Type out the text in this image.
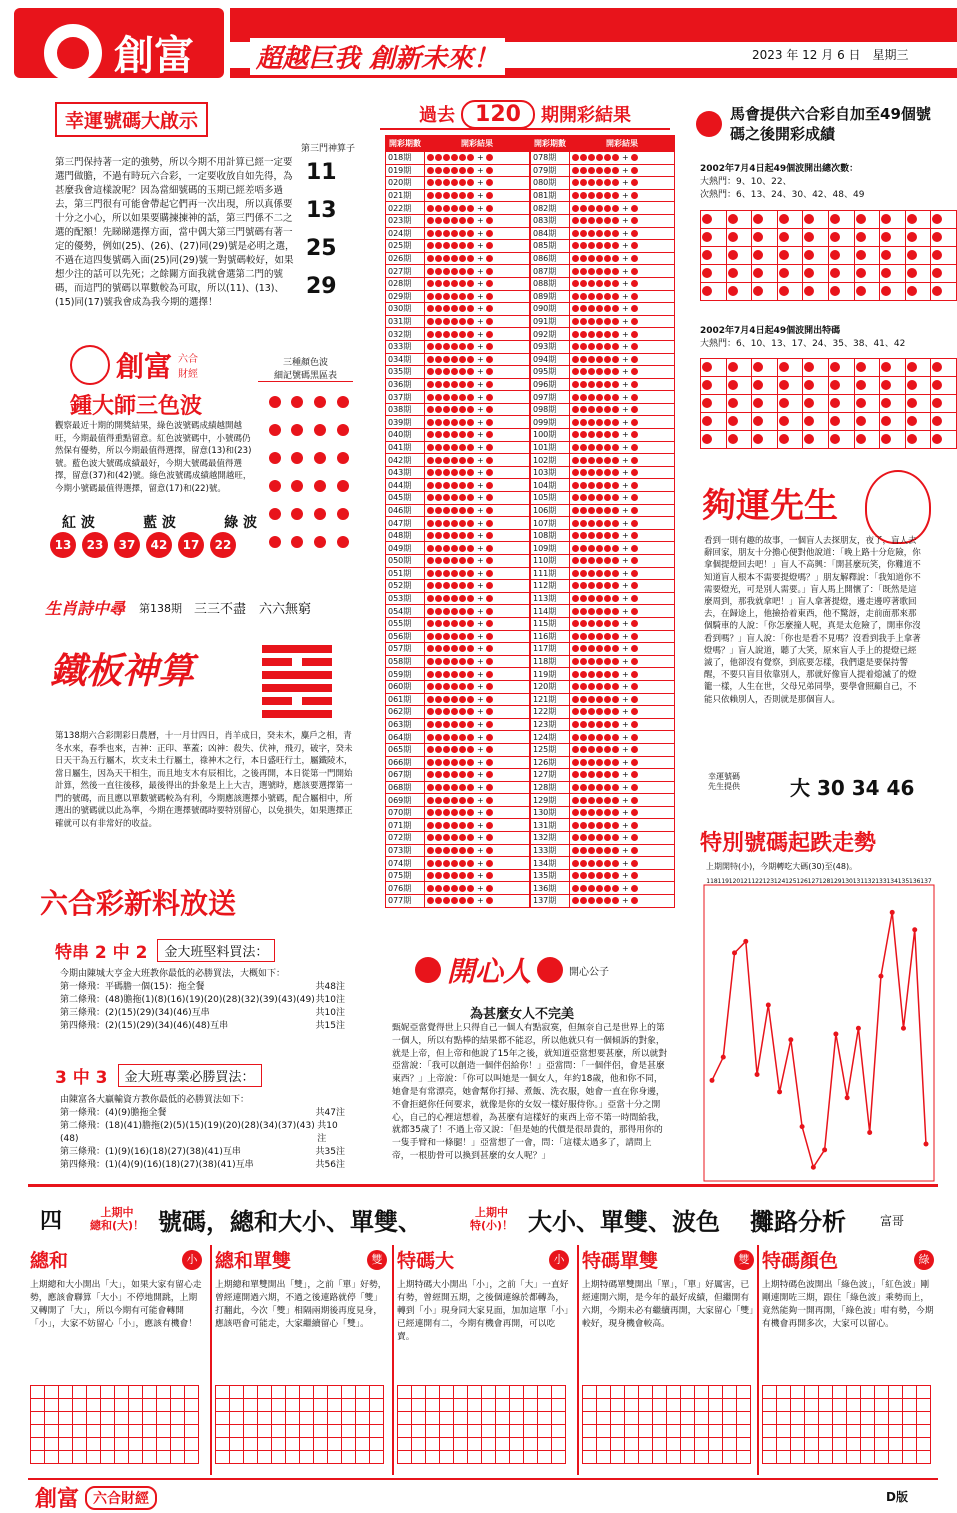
創富 超越巨我 創新未來！	2023 年 12 月 6 日　星期三
幸運號碼大啟示
第三門神算子
第三門保持著一定的強勢，所以今期不用計算已經一定要選門做膽，不過有時玩六合彩，一定要收放自如先得，為甚麼我會這樣說呢？因為當細號碼的玉期已經差唔多過去，第三門很有可能會帶起它們再一次出現，所以真係要十分之小心，所以如果要購揀揀神的話，第三門係不二之選的配額！先睇睇選擇方面，當中偶大第三門號碼有著一定的優勢，例如(25)、(26)、(27)同(29)號是必明之選，不過在這四隻號碼入面(25)同(29)號一對號碼較好，如果想少注的話可以先死；之餘關方面我就會選第二門的號碼，而這門的號碼以單數較為可取，所以(11)、(13)、(15)同(17)號我會成為我今期的選擇！
11
13
25
29
創富 六合財經
鍾大師三色波
三種顏色波
細記號碼黑區表
觀察最近十期的開獎結果，綠色波號碼成績越開越旺，今期最值得重點留意。紅色波號碼中，小號碼仍然保有優勢，所以今期最值得選擇，留意(13)和(23)號。藍色波大號碼成績最好，今期大號碼最值得選擇，留意(37)和(42)號。綠色波號碼成績越開越旺，今期小號碼最值得選擇，留意(17)和(22)號。
紅 波	藍 波	綠 波
13 23 37 42 17 22
生肖詩中尋 第138期 三三不盡　六六無窮
鐵板神算
第138期六合彩開彩日農曆，十一月廿四日，肖羊成日，癸未木，麋戶之相，青冬水來，春季也來，吉神：正印、華蓋；凶神：殺失、伏神，飛刃，破字，癸未日天干為五行屬木，坎支未土行屬土，祿神木之行，本日盛旺行土，屬鐵陵木，當日屬生，因為天干相生，而且地支木有辰相比，之後再開，本日從第一門開始計算，然後一直往後移，最後得出的卦象是上上大吉，選號時，應該要選擇第一門的號碼，而且應以單數號碼較為有利，今期應該選擇小號碼，配合屬相中，所選出的號碼就以此為準，今期在選擇號碼時要特別留心，以免損失，如果選擇正確就可以有非常好的收益。
六合彩新料放送
特串 2 中 2	金大班堅料買法：
今期由陳城大亨金大班教你最低的必勝買法，大概如下：
第一條飛：平碼膽一個(15)：拖全餐	共48注
第二條飛：(48)膽拖(1)(8)(16)(19)(20)(28)(32)(39)(43)(49) 共10注
第三條飛：(2)(15)(29)(34)(46)互串	共10注
第四條飛：(2)(15)(29)(34)(46)(48)互串	共15注
3 中 3	金大班專業必勝買法：
由陳富各大贏輸資方教你最低的必勝買法如下：
第一條飛：(4)(9)膽拖全餐	共47注
第二條飛：(18)(41)膽拖(2)(5)(15)(19)(20)(28)(34)(37)(43)(48)
共10注
第三條飛：(1)(9)(16)(18)(27)(38)(41)互串	共35注
第四條飛：(1)(4)(9)(16)(18)(27)(38)(41)互串	共56注
過去 120	期開彩結果
開彩期數	開彩結果
018期	+
019期	+
020期	+
021期	+
022期	+
023期	+
024期	+
025期	+
026期	+
027期	+
028期	+
029期	+
030期	+
031期	+
032期	+
033期	+
034期	+
035期	+
036期	+
037期	+
038期	+
039期	+
040期	+
041期	+
042期	+
043期	+
044期	+
045期	+
046期	+
047期	+
048期	+
049期	+
050期	+
051期	+
052期	+
053期	+
054期	+
055期	+
056期	+
057期	+
058期	+
059期	+
060期	+
061期	+
062期	+
063期	+
064期	+
065期	+
066期	+
067期	+
068期	+
069期	+
070期	+
071期	+
072期	+
073期	+
074期	+
075期	+
076期	+
077期	+
開彩期數	開彩結果
078期	+
079期	+
080期	+
081期	+
082期	+
083期	+
084期	+
085期	+
086期	+
087期	+
088期	+
089期	+
090期	+
091期	+
092期	+
093期	+
094期	+
095期	+
096期	+
097期	+
098期	+
099期	+
100期	+
101期	+
102期	+
103期	+
104期	+
105期	+
106期	+
107期	+
108期	+
109期	+
110期	+
111期	+
112期	+
113期	+
114期	+
115期	+
116期	+
117期	+
118期	+
119期	+
120期	+
121期	+
122期	+
123期	+
124期	+
125期	+
126期	+
127期	+
128期	+
129期	+
130期	+
131期	+
132期	+
133期	+
134期	+
135期	+
136期	+
137期	+
馬會提供六合彩自加至49個號碼之後開彩成績
2002年7月4日起49個波開出總次數：
大熱門：9、10、22、
次熱門：6、13、24、30、42、48、49

2002年7月4日起49個波開出特碼
大熱門：6、10、13、17、24、35、38、41、42

夠運先生
看到一則有趣的故事，一個盲人去探朋友，夜了，盲人去辭回家，朋友十分擔心便對他說道：「晚上路十分危險，你拿個提燈回去吧！」盲人不高興：「開甚麼玩笑，你難道不知道盲人根本不需要提燈嗎？」朋友解釋說：「我知道你不需要燈光，可是別人需要。」盲人馬上開懷了：「既然是這麼周到，那我就拿吧！」盲人拿著提燈，邊走邊哼著歌回去，在歸途上，他撿拾着東西，他不驚訝，走前面那來那個騎車的人說：「你怎麼撞人呢，真是太危險了，開車你沒看到嗎？」盲人說：「你也是看不見嗎？沒看到我手上拿著燈嗎？」盲人說道，聽了大笑，原來盲人手上的提燈已經滅了，他卻沒有覺察，到底要怎樣，我們還是要保持警醒，不要只盲目依靠別人，那就好像盲人提着熄滅了的燈籠一樣，人生在世，父母兄弟同學，要學會照顧自己，不能只依賴別人，否則就是那個盲人。
幸運號碼
先生提供	大 30 34 46
特別號碼起跌走勢
上期開特(小)，今期轉吃大碼(30)至(48)。
118 119 120 121 122 123 124 125 126 127 128 129 130 131 132 133 134 135 136 137
開心人	開心公子
為甚麼女人不完美
甄妮亞當覺得世上只得自己一個人有點寂寞，但無奈自己是世界上的第一個人，所以有點棒的結果都不能忍，所以他就只有一個傾訴的對象，就是上帝，但上帝和他說了15年之後，就知道亞當想要甚麼，所以就對亞當說：「我可以創造一個伴侶給你！」亞當問：「一個伴侶，會是甚麼東西？」上帝說：「你可以叫她是一個女人，年約18歲，他和你不同，她會是有常漂亮，她會幫你打掃、煮飯、洗衣服，她會一直在你身邊，不會拒絕你任何要求，就像是你的女奴一樣好服侍你。」亞當十分之開心，自己的心裡這想着，為甚麼有這樣好的東西上帝不第一時間給我，就都35歲了！不過上帝又說：「但是她的代價是很昂貴的，那得用你的一隻手臂和一條腿！」亞當想了一會，問：「這樣太過多了，請問上帝，一根肋骨可以換到甚麼的女人呢？」
四	上期中
總和(大)！ 號碼，總和大小、單雙、	上期中
特(小)！ 大小、單雙、波色 攤路分析	富哥
總和	小
上期總和大小開出「大」，如果大家有留心走勢，應該會聯算「大小」不停地開跳，上期又轉開了「大」，所以今期有可能會轉開「小」，大家不妨留心「小」，應該有機會！

總和單雙	雙
上期總和單雙開出「雙」，之前「單」好勢，曾經連開過六期，不過之後連路就停「雙」打翻此，今次「雙」相隔兩期後再度見身，應該唔會可能走，大家繼續留心「雙」。

特碼大	小
上期特碼大小開出「小」，之前「大」一直好有勢，曾經開五期，之後個連線於都轉為，轉到「小」現身同大家見面，加加這單「小」已經連開有二，今期有機會再開，可以吃賣。

特碼單雙	雙
上期特碼單雙開出「單」，「單」好厲害，已經連開六期，是今年的最好成績，但繼開有六期，今期未必有繼續再開，大家留心「雙」較好，現身機會較高。

特碼顏色	綠
上期特碼色波開出「綠色波」，「紅色波」剛剛連開咗三期，跟住「綠色波」乘勢而上，竟然能夠一開再開，「綠色波」咁有勢，今期有機會再開多次，大家可以留心。

創富	六合財經	D版
